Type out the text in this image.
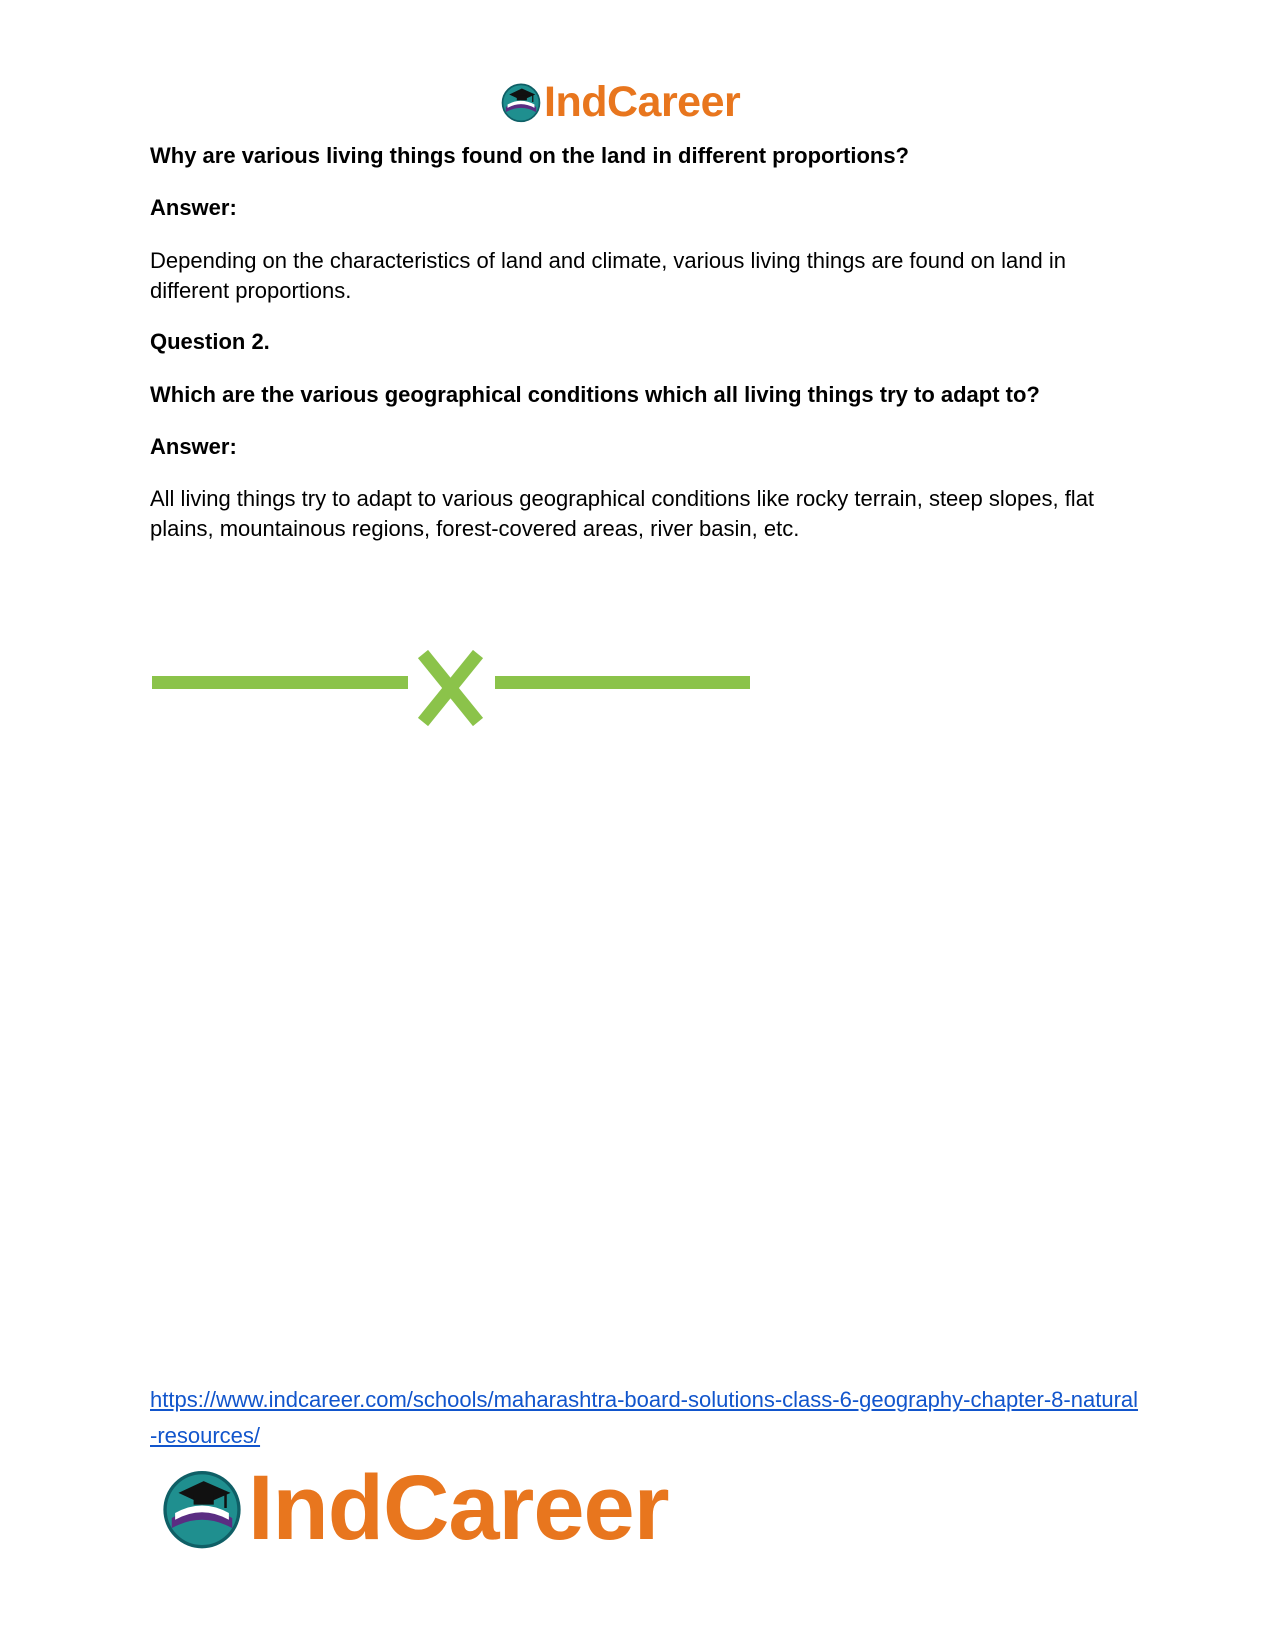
IndCareer

Why are various living things found on the land in different proportions?

Answer:

Depending on the characteristics of land and climate, various living things are found on land in different proportions.

Question 2.

Which are the various geographical conditions which all living things try to adapt to?

Answer:

All living things try to adapt to various geographical conditions like rocky terrain, steep slopes, flat plains, mountainous regions, forest-covered areas, river basin, etc.

https://www.indcareer.com/schools/maharashtra-board-solutions-class-6-geography-chapter-8-natural-resources/
IndCareer
